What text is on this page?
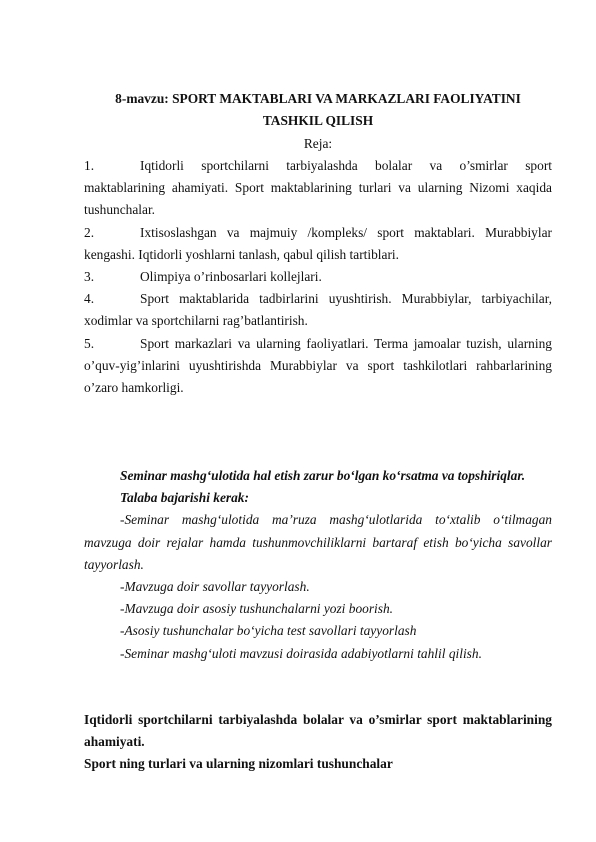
8-mavzu: SPORT MAKTABLARI VA MARKAZLARI FAOLIYATINI TASHKIL QILISH
Reja:
1.	Iqtidorli sportchilarni tarbiyalashda bolalar va o’smirlar sport maktablarining ahamiyati. Sport maktablarining turlari va ularning Nizomi xaqida tushunchalar.
2.	Ixtisoslashgan va majmuiy /kompleks/ sport maktablari. Murabbiylar kengashi. Iqtidorli yoshlarni tanlash, qabul qilish tartiblari.
3.	Olimpiya o’rinbosarlari kollejlari.
4.	Sport maktablarida tadbirlarini uyushtirish. Murabbiylar, tarbiyachilar, xodimlar va sportchilarni rag’batlantirish.
5.	Sport markazlari va ularning faoliyatlari. Terma jamoalar tuzish, ularning o’quv-yig’inlarini uyushtirishda Murabbiylar va sport tashkilotlari rahbarlarining o’zaro hamkorligi.
Seminar mashg‘ulotida hal etish zarur bo‘lgan ko‘rsatma va topshiriqlar.
Talaba bajarishi kerak:
-Seminar mashg‘ulotida ma’ruza mashg‘ulotlarida to‘xtalib o‘tilmagan mavzuga doir rejalar hamda tushunmovchiliklarni bartaraf etish bo‘yicha savollar tayyorlash.
-Mavzuga doir savollar tayyorlash.
-Mavzuga doir asosiy tushunchalarni yozi boorish.
-Asosiy tushunchalar bo‘yicha test savollari tayyorlash
-Seminar mashg‘uloti mavzusi doirasida adabiyotlarni tahlil qilish.
Iqtidorli sportchilarni tarbiyalashda bolalar va o’smirlar sport maktablarining ahamiyati.
Sport ning turlari va ularning nizomlari tushunchalar
